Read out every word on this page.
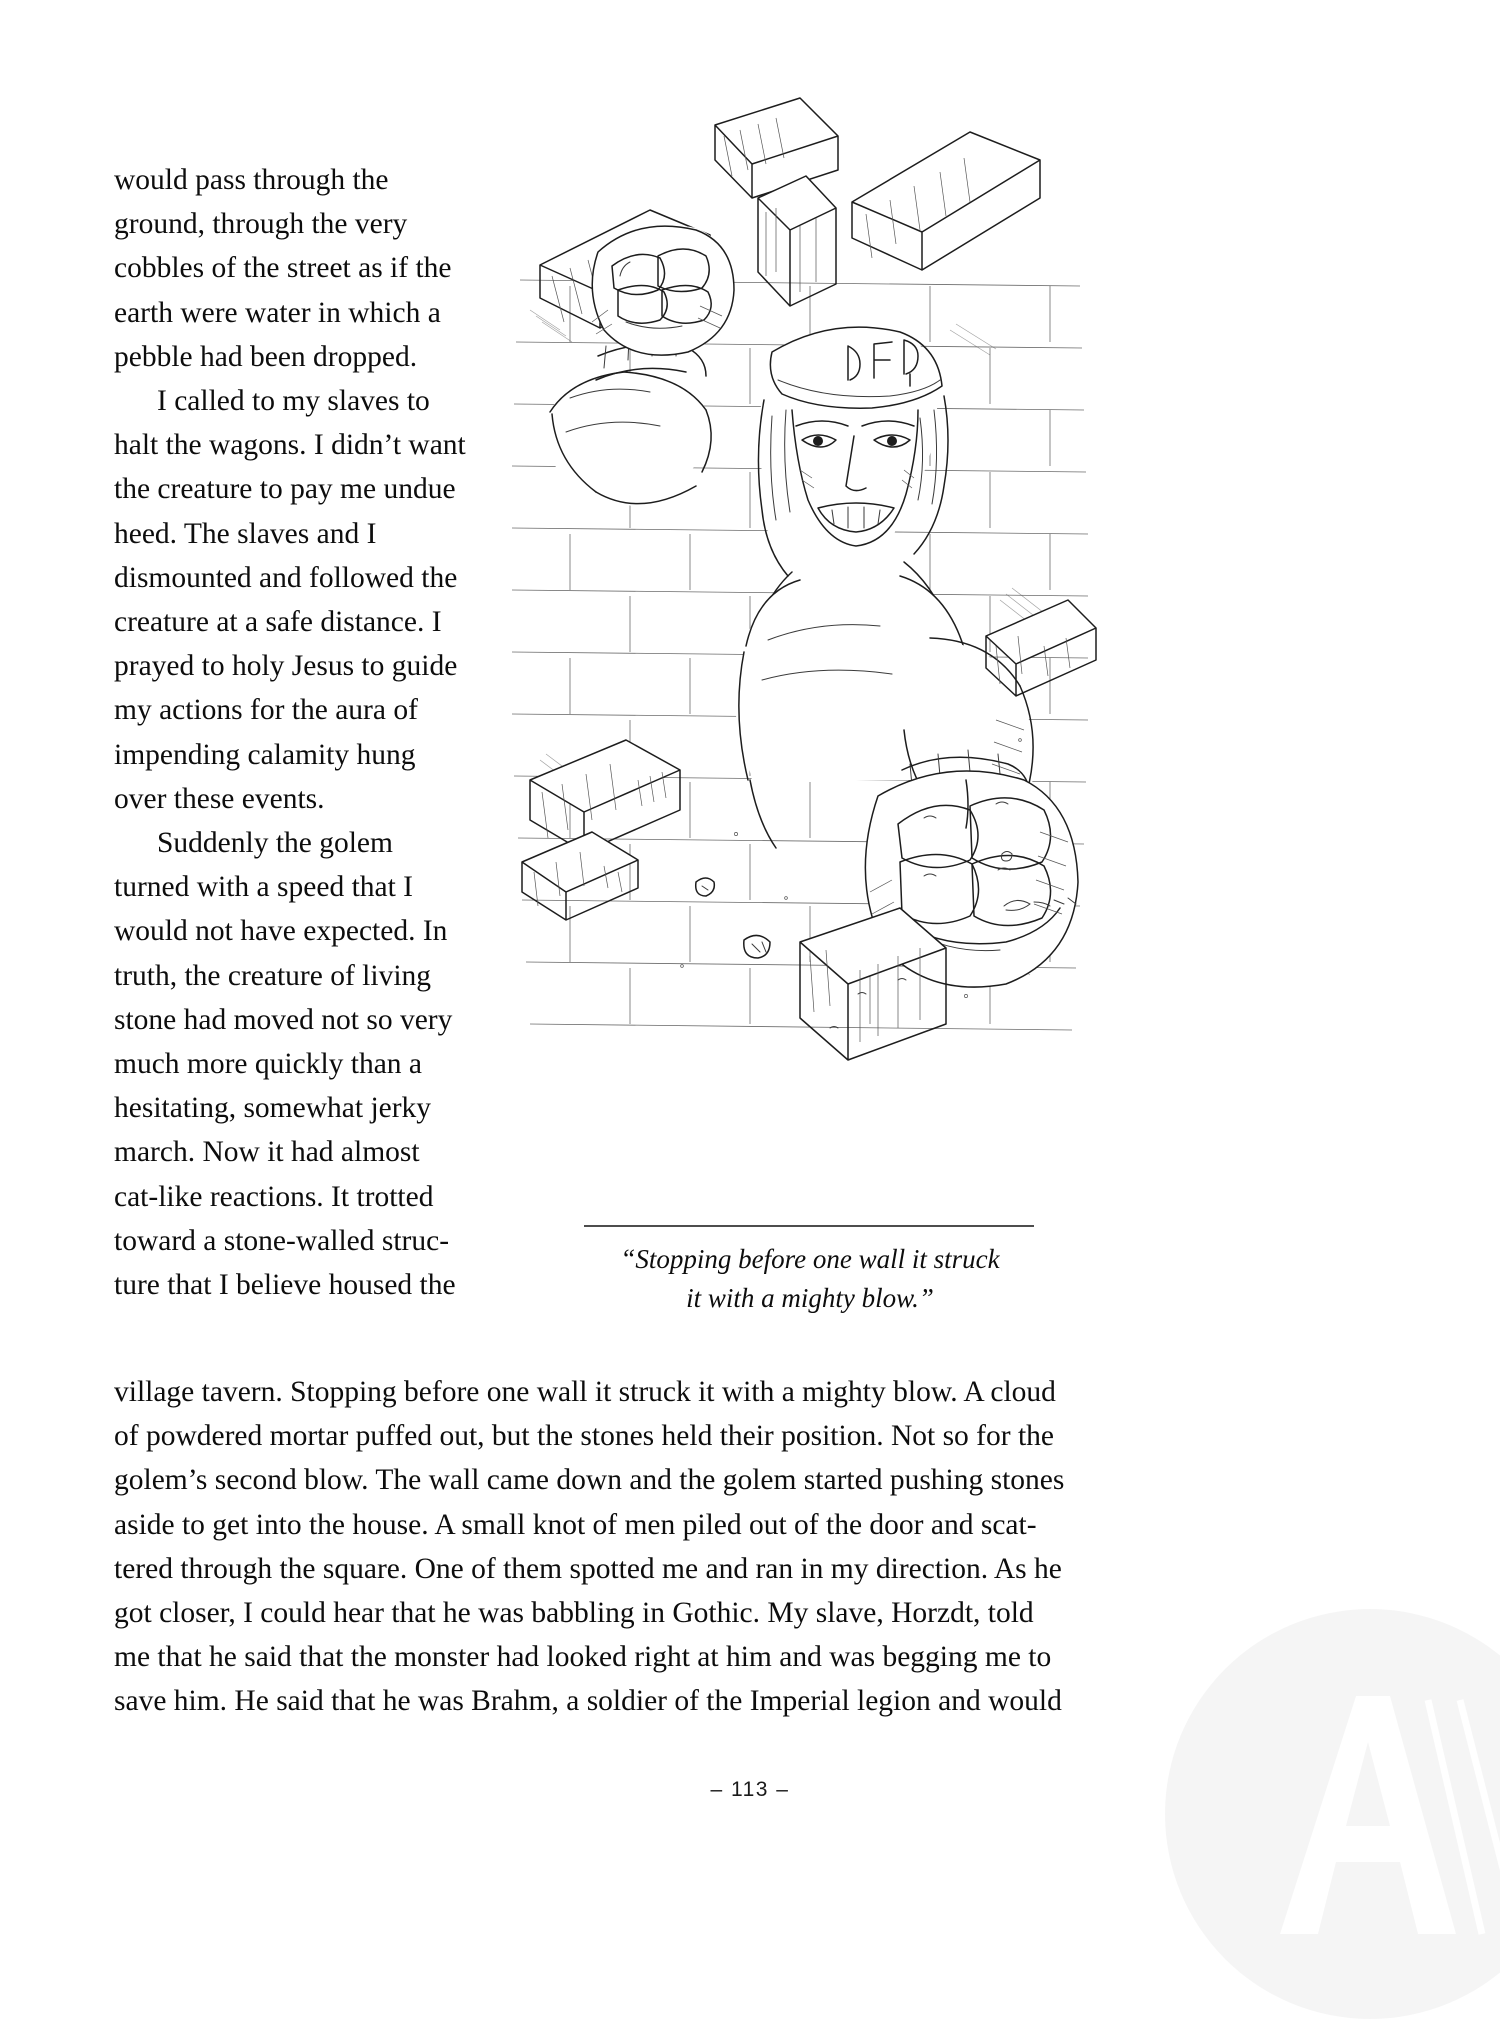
would pass through the ground, through the very cobbles of the street as if the earth were water in which a pebble had been dropped.

I called to my slaves to halt the wagons. I didn’t want the creature to pay me undue heed. The slaves and I dismounted and followed the creature at a safe distance. I prayed to holy Jesus to guide my actions for the aura of impending calamity hung over these events.

Suddenly the golem turned with a speed that I would not have expected. In truth, the creature of living stone had moved not so very much more quickly than a hesitating, somewhat jerky march. Now it had almost cat-like reactions. It trotted toward a stone-walled struc-

ture that I believe housed the

“Stopping before one wall it struck
it with a mighty blow.”

village tavern. Stopping before one wall it struck it with a mighty blow. A cloud of powdered mortar puffed out, but the stones held their position. Not so for the golem’s second blow. The wall came down and the golem started pushing stones aside to get into the house. A small knot of men piled out of the door and scat-tered through the square. One of them spotted me and ran in my direction. As he got closer, I could hear that he was babbling in Gothic. My slave, Horzdt, told me that he said that the monster had looked right at him and was begging me to save him. He said that he was Brahm, a soldier of the Imperial legion and would

– 113 –
